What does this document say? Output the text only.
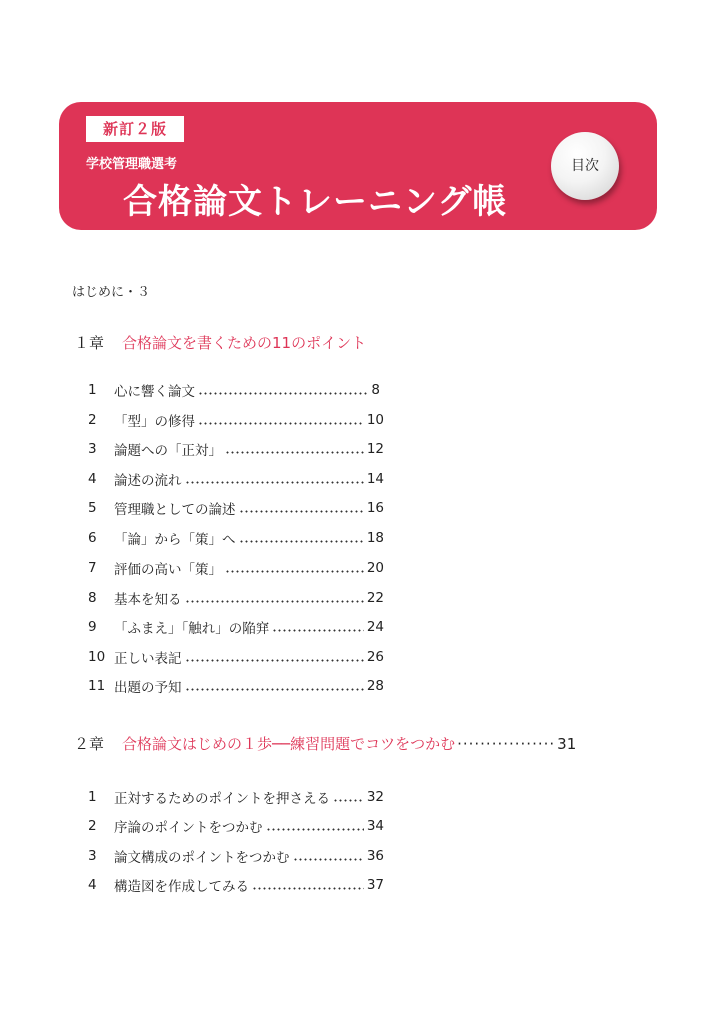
新訂２版
学校管理職選考
合格論文トレーニング帳
目次
はじめに・３
１章 合格論文を書くための11のポイント
1	心に響く論文	8
2	「型」の修得	10
3	論題への「正対」	12
4	論述の流れ	14
5	管理職としての論述	16
6	「論」から「策」へ	18
7	評価の高い「策」	20
8	基本を知る	22
9	「ふまえ」「触れ」の陥穽	24
10 正しい表記	26
11 出題の予知	28
２章 合格論文はじめの１歩──練習問題でコツをつかむ ················· 31
1	正対するためのポイントを押さえる	32
2	序論のポイントをつかむ	34
3	論文構成のポイントをつかむ	36
4	構造図を作成してみる	37
